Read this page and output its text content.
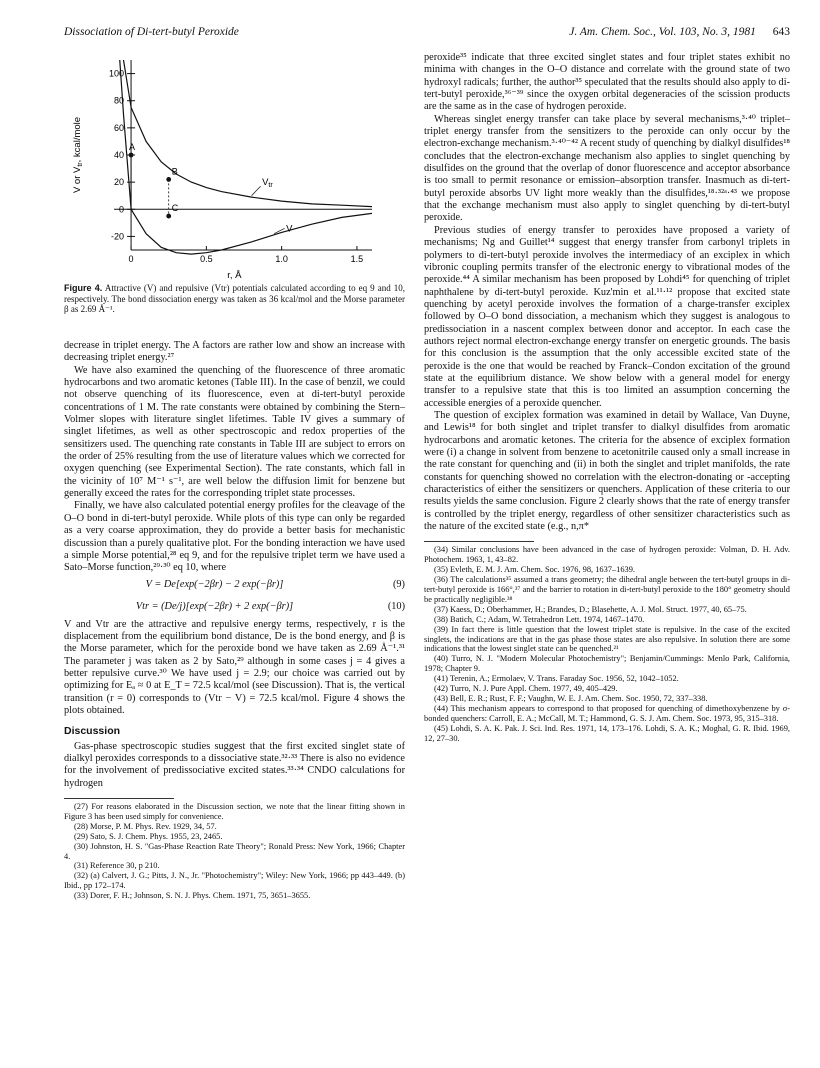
Dissociation of Di-tert-butyl Peroxide	J. Am. Chem. Soc., Vol. 103, No. 3, 1981 643
100
80
60
40
20
0
-20
0	0.5	1.0	1.5
V or $V_{tr}$, kcal/mole
r, Å
A
B
C
$V_{tr}$
V
Figure 4. Attractive (V) and repulsive (Vtr) potentials calculated according to eq 9 and 10, respectively. The bond dissociation energy was taken as 36 kcal/mol and the Morse parameter β as 2.69 Å⁻¹.

decrease in triplet energy. The A factors are rather low and show an increase with decreasing triplet energy.²⁷

We have also examined the quenching of the fluorescence of three aromatic hydrocarbons and two aromatic ketones (Table III). In the case of benzil, we could not observe quenching of its fluorescence, even at di-tert-butyl peroxide concentrations of 1 M. The rate constants were obtained by combining the Stern–Volmer slopes with literature singlet lifetimes. Table IV gives a summary of singlet lifetimes, as well as other spectroscopic and redox properties of the sensitizers used. The quenching rate constants in Table III are subject to errors on the order of 25% resulting from the use of literature values which we corrected for oxygen quenching (see Experimental Section). The rate constants, which fall in the vicinity of 10⁷ M⁻¹ s⁻¹, are well below the diffusion limit for benzene but generally exceed the rates for the corresponding triplet state processes.

Finally, we have also calculated potential energy profiles for the cleavage of the O–O bond in di-tert-butyl peroxide. While plots of this type can only be regarded as a very coarse approximation, they do provide a better basis for mechanistic discussion than a purely qualitative plot. For the bonding interaction we have used a simple Morse potential,²⁸ eq 9, and for the repulsive triplet term we have used a Sato–Morse function,²⁹·³⁰ eq 10, where

V = De[exp(−2βr) − 2 exp(−βr)]	(9)
Vtr = (De/j)[exp(−2βr) + 2 exp(−βr)]	(10)

V and Vtr are the attractive and repulsive energy terms, respectively, r is the displacement from the equilibrium bond distance, De is the bond energy, and β is the Morse parameter, which for the peroxide bond we have taken as 2.69 Å⁻¹.³¹ The parameter j was taken as 2 by Sato,²⁹ although in some cases j = 4 gives a better repulsive curve.³⁰ We have used j = 2.9; our choice was carried out by optimizing for Eₐ ≈ 0 at E_T = 72.5 kcal/mol (see Discussion). That is, the vertical transition (r = 0) corresponds to (Vtr − V) = 72.5 kcal/mol. Figure 4 shows the plots obtained.

Discussion

Gas-phase spectroscopic studies suggest that the first excited singlet state of dialkyl peroxides corresponds to a dissociative state.³²·³³ There is also no evidence for the involvement of predissociative excited states.³³·³⁴ CNDO calculations for hydrogen

(27) For reasons elaborated in the Discussion section, we note that the linear fitting shown in Figure 3 has been used simply for convenience.

(28) Morse, P. M. Phys. Rev. 1929, 34, 57.

(29) Sato, S. J. Chem. Phys. 1955, 23, 2465.

(30) Johnston, H. S. "Gas-Phase Reaction Rate Theory"; Ronald Press: New York, 1966; Chapter 4.

(31) Reference 30, p 210.

(32) (a) Calvert, J. G.; Pitts, J. N., Jr. "Photochemistry"; Wiley: New York, 1966; pp 443–449. (b) Ibid., pp 172–174.

(33) Dorer, F. H.; Johnson, S. N. J. Phys. Chem. 1971, 75, 3651–3655.

peroxide³⁵ indicate that three excited singlet states and four triplet states exhibit no minima with changes in the O–O distance and correlate with the ground state of two hydroxyl radicals; further, the author³⁵ speculated that the results should also apply to di-tert-butyl peroxide,³⁶⁻³⁹ since the oxygen orbital degeneracies of the scission products are the same as in the case of hydrogen peroxide.

Whereas singlet energy transfer can take place by several mechanisms,³·⁴⁰ triplet–triplet energy transfer from the sensitizers to the peroxide can only occur by the electron-exchange mechanism.³·⁴⁰⁻⁴² A recent study of quenching by dialkyl disulfides¹⁸ concludes that the electron-exchange mechanism also applies to singlet quenching by disulfides on the ground that the overlap of donor fluorescence and acceptor absorbance is too small to permit resonance or emission–absorption transfer. Inasmuch as di-tert-butyl peroxide absorbs UV light more weakly than the disulfides,¹⁸·³²ᵃ·⁴³ we propose that the exchange mechanism must also apply to singlet quenching by di-tert-butyl peroxide.

Previous studies of energy transfer to peroxides have proposed a variety of mechanisms; Ng and Guillet¹⁴ suggest that energy transfer from carbonyl triplets in polymers to di-tert-butyl peroxide involves the intermediacy of an exciplex in which vibronic coupling permits transfer of the electronic energy to vibrational modes of the peroxide.⁴⁴ A similar mechanism has been proposed by Lohdi⁴⁵ for quenching of triplet naphthalene by di-tert-butyl peroxide. Kuz'min et al.¹¹·¹² propose that excited state quenching by acetyl peroxide involves the formation of a charge-transfer exciplex followed by O–O bond dissociation, a mechanism which they suggest is analogous to predissociation in a nascent complex between donor and acceptor. In each case the authors reject normal electron-exchange energy transfer on energetic grounds. The basis for this conclusion is the assumption that the only accessible excited state of the peroxide is the one that would be reached by Franck–Condon excitation of the ground state at the equilibrium distance. We show below with a general model for energy transfer to a repulsive state that this is too limited an assumption concerning the accessible energies of a peroxide quencher.

The question of exciplex formation was examined in detail by Wallace, Van Duyne, and Lewis¹⁸ for both singlet and triplet transfer to dialkyl disulfides from aromatic hydrocarbons and aromatic ketones. The criteria for the absence of exciplex formation were (i) a change in solvent from benzene to acetonitrile caused only a small increase in the rate constant for quenching and (ii) in both the singlet and triplet manifolds, the rate constants for quenching showed no correlation with the electron-donating or -accepting characteristics of either the sensitizers or quenchers. Application of these criteria to our results yields the same conclusion. Figure 2 clearly shows that the rate of energy transfer is controlled by the triplet energy, regardless of other sensitizer characteristics such as the nature of the excited state (e.g., n,π*

(34) Similar conclusions have been advanced in the case of hydrogen peroxide: Volman, D. H. Adv. Photochem. 1963, 1, 43–82.

(35) Evleth, E. M. J. Am. Chem. Soc. 1976, 98, 1637–1639.

(36) The calculations³⁵ assumed a trans geometry; the dihedral angle between the tert-butyl groups in di-tert-butyl peroxide is 166°,³⁷ and the barrier to rotation in di-tert-butyl peroxide to the 180° geometry should be practically negligible.³⁸

(37) Kaess, D.; Oberhammer, H.; Brandes, D.; Blasehette, A. J. Mol. Struct. 1977, 40, 65–75.

(38) Batich, C.; Adam, W. Tetrahedron Lett. 1974, 1467–1470.

(39) In fact there is little question that the lowest triplet state is repulsive. In the case of the excited singlets, the indications are that in the gas phase those states are also repulsive. In solution there are some indications that the lowest singlet state can be quenched.²¹

(40) Turro, N. J. "Modern Molecular Photochemistry"; Benjamin/Cummings: Menlo Park, California, 1978; Chapter 9.

(41) Terenin, A.; Ermolaev, V. Trans. Faraday Soc. 1956, 52, 1042–1052.

(42) Turro, N. J. Pure Appl. Chem. 1977, 49, 405–429.

(43) Bell, E. R.; Rust, F. F.; Vaughn, W. E. J. Am. Chem. Soc. 1950, 72, 337–338.

(44) This mechanism appears to correspond to that proposed for quenching of dimethoxybenzene by σ-bonded quenchers: Carroll, E. A.; McCall, M. T.; Hammond, G. S. J. Am. Chem. Soc. 1973, 95, 315–318.

(45) Lohdi, S. A. K. Pak. J. Sci. Ind. Res. 1971, 14, 173–176. Lohdi, S. A. K.; Moghal, G. R. Ibid. 1969, 12, 27–30.
